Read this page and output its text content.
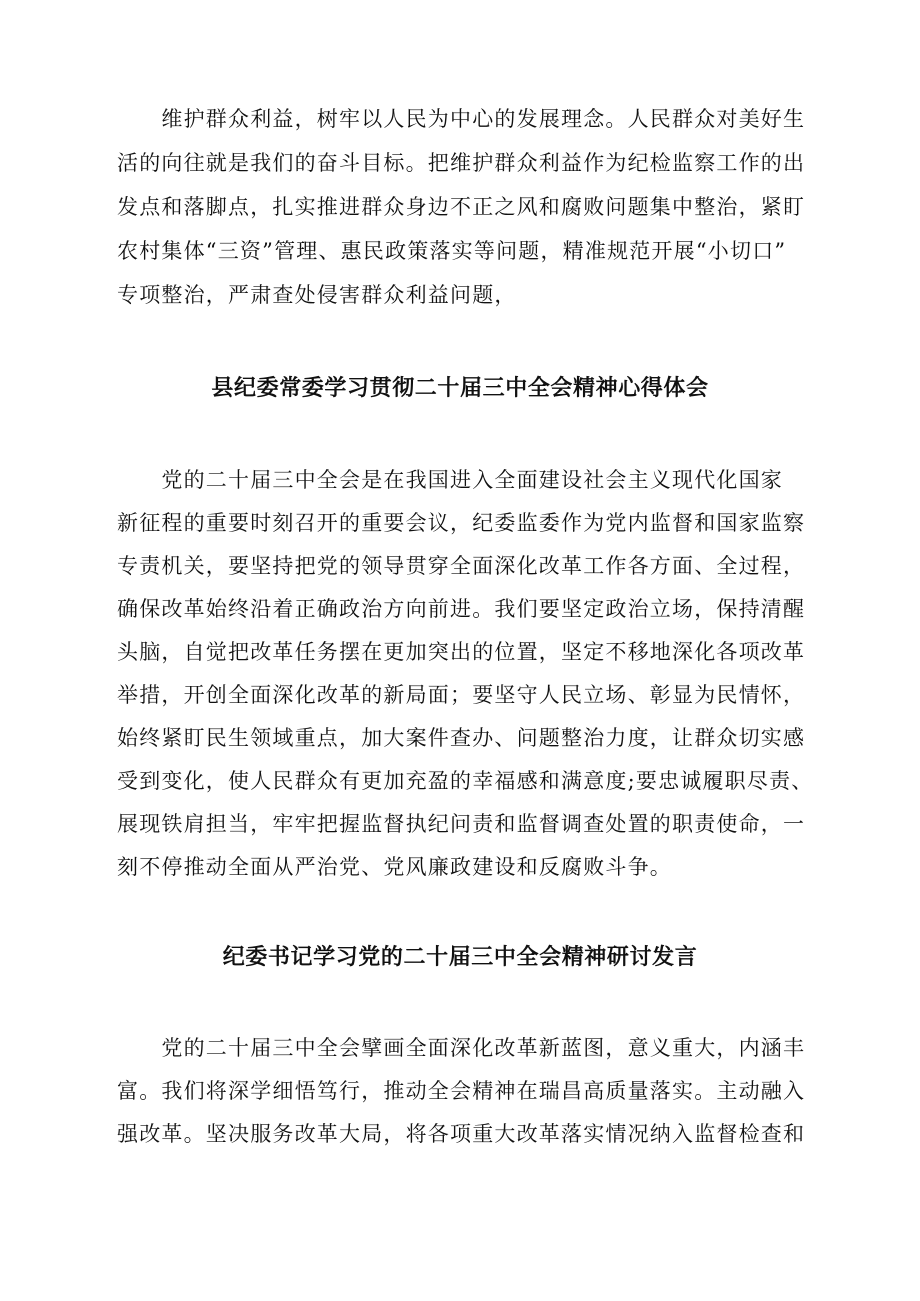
　　维护群众利益，树牢以人民为中心的发展理念。人民群众对美好生

活的向往就是我们的奋斗目标。把维护群众利益作为纪检监察工作的出

发点和落脚点，扎实推进群众身边不正之风和腐败问题集中整治，紧盯

农村集体“三资”管理、惠民政策落实等问题，精准规范开展“小切口”

专项整治，严肃查处侵害群众利益问题，

县纪委常委学习贯彻二十届三中全会精神心得体会

　　党的二十届三中全会是在我国进入全面建设社会主义现代化国家

新征程的重要时刻召开的重要会议，纪委监委作为党内监督和国家监察

专责机关，要坚持把党的领导贯穿全面深化改革工作各方面、全过程，

确保改革始终沿着正确政治方向前进。我们要坚定政治立场，保持清醒

头脑，自觉把改革任务摆在更加突出的位置，坚定不移地深化各项改革

举措，开创全面深化改革的新局面；要坚守人民立场、彰显为民情怀，

始终紧盯民生领域重点，加大案件查办、问题整治力度，让群众切实感

受到变化，使人民群众有更加充盈的幸福感和满意度;要忠诚履职尽责、

展现铁肩担当，牢牢把握监督执纪问责和监督调查处置的职责使命，一

刻不停推动全面从严治党、党风廉政建设和反腐败斗争。

纪委书记学习党的二十届三中全会精神研讨发言

　　党的二十届三中全会擘画全面深化改革新蓝图，意义重大，内涵丰

富。我们将深学细悟笃行，推动全会精神在瑞昌高质量落实。主动融入

强改革。坚决服务改革大局，将各项重大改革落实情况纳入监督检查和
